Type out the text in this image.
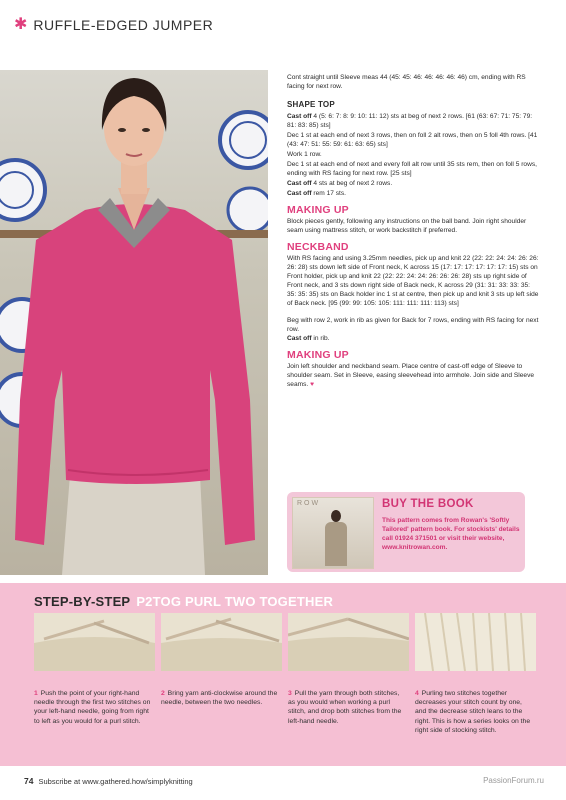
✱ RUFFLE-EDGED JUMPER

Cont straight until Sleeve meas 44 (45: 45: 46: 46: 46: 46: 46) cm, ending with RS facing for next row.

SHAPE TOP

Cast off 4 (5: 6: 7: 8: 9: 10: 11: 12) sts at beg of next 2 rows. [61 (63: 67: 71: 75: 79: 81: 83: 85) sts]

Dec 1 st at each end of next 3 rows, then on foll 2 alt rows, then on 5 foll 4th rows. [41 (43: 47: 51: 55: 59: 61: 63: 65) sts]

Work 1 row.

Dec 1 st at each end of next and every foll alt row until 35 sts rem, then on foll 5 rows, ending with RS facing for next row. [25 sts]

Cast off 4 sts at beg of next 2 rows.

Cast off rem 17 sts.

MAKING UP

Block pieces gently, following any instructions on the ball band. Join right shoulder seam using mattress stitch, or work backstitch if preferred.

NECKBAND

With RS facing and using 3.25mm needles, pick up and knit 22 (22: 22: 24: 24: 26: 26: 26: 28) sts down left side of Front neck, K across 15 (17: 17: 17: 17: 17: 17: 15) sts on Front holder, pick up and knit 22 (22: 22: 24: 24: 26: 26: 26: 28) sts up right side of Front neck, and 3 sts down right side of Back neck, K across 29 (31: 31: 33: 33: 35: 35: 35: 35) sts on Back holder inc 1 st at centre, then pick up and knit 3 sts up left side of Back neck. [95 (99: 99: 105: 105: 111: 111: 111: 113) sts]

Beg with row 2, work in rib as given for Back for 7 rows, ending with RS facing for next row.
Cast off in rib.

MAKING UP

Join left shoulder and neckband seam. Place centre of cast-off edge of Sleeve to shoulder seam. Set in Sleeve, easing sleevehead into armhole. Join side and Sleeve seams. ♥

ROW	BUY THE BOOK
This pattern comes from Rowan's 'Softly Tailored' pattern book. For stockists' details call 01924 371501 or visit their website, www.knitrowan.com.
STEP-BY-STEP P2TOG PURL TWO TOGETHER
1 Push the point of your right-hand needle through the first two stitches on your left-hand needle, going from right to left as you would for a purl stitch.
2 Bring yarn anti-clockwise around the needle, between the two needles.
3 Pull the yarn through both stitches, as you would when working a purl stitch, and drop both stitches from the left-hand needle.
4 Purling two stitches together decreases your stitch count by one, and the decrease stitch leans to the right. This is how a series looks on the right side of stocking stitch.
74 Subscribe at www.gathered.how/simplyknitting	PassionForum.ru
